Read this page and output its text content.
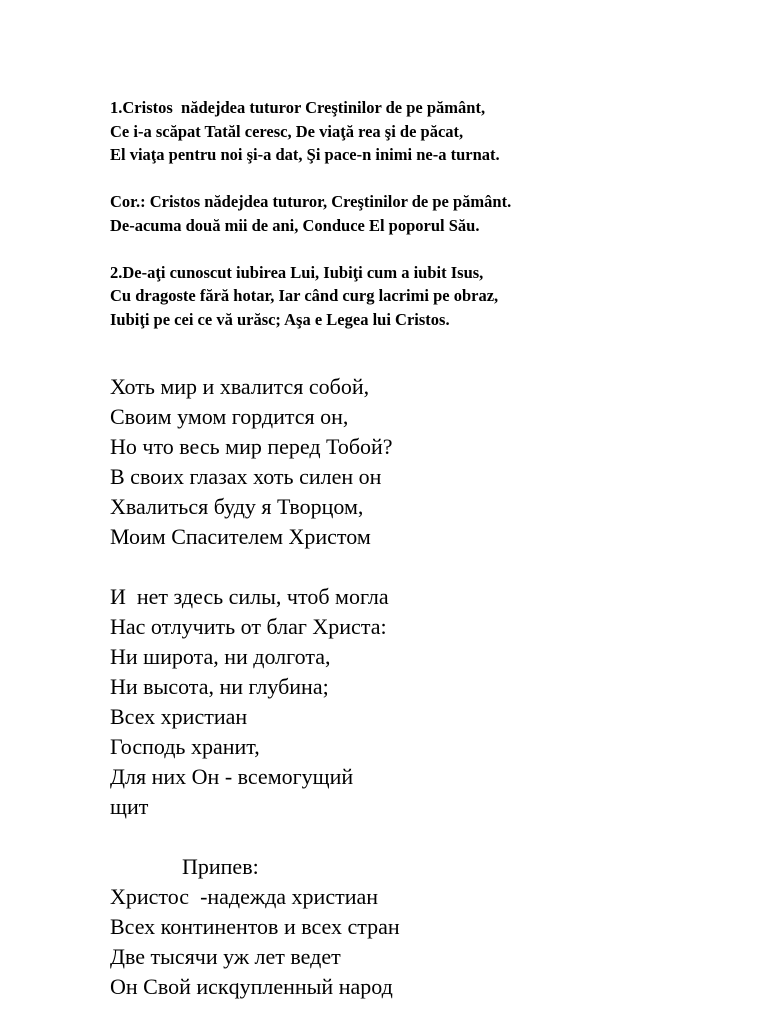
1.Cristos  nădejdea tuturor Creştinilor de pe pământ,
Ce i-a scăpat Tatăl ceresc, De viaţă rea şi de păcat,
El viaţa pentru noi şi-a dat, Şi pace-n inimi ne-a turnat.
Cor.: Cristos nădejdea tuturor, Creştinilor de pe pământ.
De-acuma două mii de ani, Conduce El poporul Său.
2.De-aţi cunoscut iubirea Lui, Iubiţi cum a iubit Isus,
Cu dragoste fără hotar, Iar când curg lacrimi pe obraz,
Iubiţi pe cei ce vă urăsc; Aşa e Legea lui Cristos.
Хоть мир и хвалится собой,
Своим умом гордится он,
Но что весь мир перед Тобой?
В своих глазах хоть силен он
Хвалиться буду я Творцом,
Моим Спасителем Христом
И  нет здесь силы, чтоб могла
Нас отлучить от благ Христа:
Ни широта, ни долгота,
Ни высота, ни глубина;
Всех христиан
Господь хранит,
Для них Он - всемогущий
щит
Припев:
Христос  -надежда христиан
Всех континентов и всех стран
Две тысячи уж лет ведет
Он Свой искqупленный народ
